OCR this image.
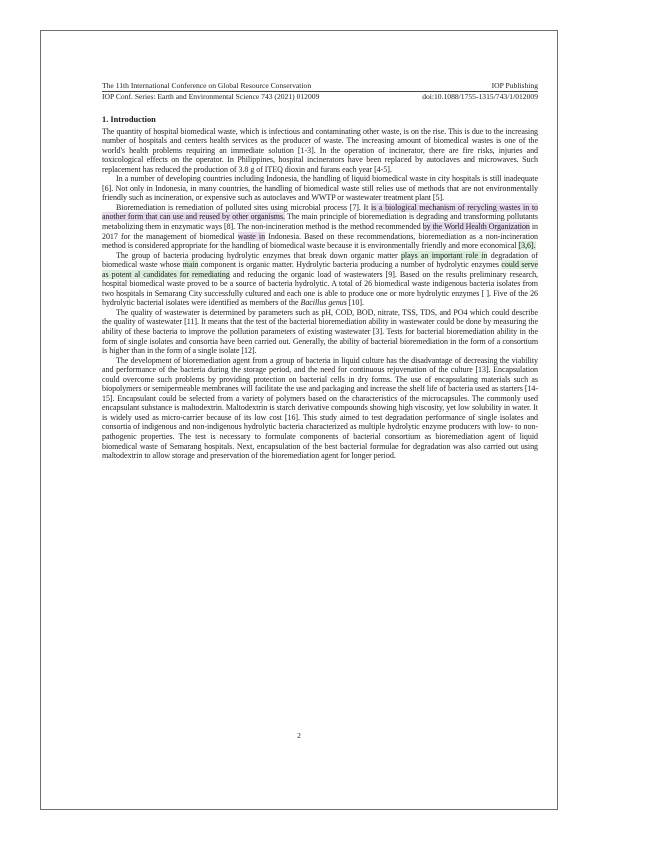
The 11th International Conference on Global Resource Conservation	IOP Publishing
IOP Conf. Series: Earth and Environmental Science 743 (2021) 012009	doi:10.1088/1755-1315/743/1/012009
1. Introduction

The quantity of hospital biomedical waste, which is infectious and contaminating other waste, is on the rise. This is due to the increasing number of hospitals and centers health services as the producer of waste. The increasing amount of biomedical wastes is one of the world's health problems requiring an immediate solution [1-3]. In the operation of incinerator, there are fire risks, injuries and toxicological effects on the operator. In Philippines, hospital incinerators have been replaced by autoclaves and microwaves. Such replacement has reduced the production of 3.8 g of ITEQ dioxin and furans each year [4-5].

In a number of developing countries including Indonesia, the handling of liquid biomedical waste in city hospitals is still inadequate [6]. Not only in Indonesia, in many countries, the handling of biomedical waste still relies use of methods that are not environmentally friendly such as incineration, or expensive such as autoclaves and WWTP or wastewater treatment plant [5].

Bioremediation is remediation of polluted sites using microbial process [7]. It is a biological mechanism of recycling wastes in to another form that can use and reused by other organisms. The main principle of bioremediation is degrading and transforming pollutants metabolizing them in enzymatic ways [8]. The non-incineration method is the method recommended by the World Health Organization in 2017 for the management of biomedical waste in Indonesia. Based on these recommendations, bioremediation as a non-incineration method is considered appropriate for the handling of biomedical waste because it is environmentally friendly and more economical [3,6].

The group of bacteria producing hydrolytic enzymes that break down organic matter plays an important role in degradation of biomedical waste whose main component is organic matter. Hydrolytic bacteria producing a number of hydrolytic enzymes could serve as potent al candidates for remediating and reducing the organic load of wastewaters [9]. Based on the results preliminary research, hospital biomedical waste proved to be a source of bacteria hydrolytic. A total of 26 biomedical waste indigenous bacteria isolates from two hospitals in Semarang City successfully cultured and each one is able to produce one or more hydrolytic enzymes [ ]. Five of the 26 hydrolytic bacterial isolates were identified as members of the Bacillus genus [10].

The quality of wastewater is determined by parameters such as pH, COD, BOD, nitrate, TSS, TDS, and PO4 which could describe the quality of wastewater [11]. It means that the test of the bacterial bioremediation ability in wastewater could be done by measuring the ability of these bacteria to improve the pollution parameters of existing wastewater [3]. Tests for bacterial bioremediation ability in the form of single isolates and consortia have been carried out. Generally, the ability of bacterial bioremediation in the form of a consortium is higher than in the form of a single isolate [12].

The development of bioremediation agent from a group of bacteria in liquid culture has the disadvantage of decreasing the viability and performance of the bacteria during the storage period, and the need for continuous rejuvenation of the culture [13]. Encapsulation could overcome such problems by providing protection on bacterial cells in dry forms. The use of encapsulating materials such as biopolymers or semipermeable membranes will facilitate the use and packaging and increase the shelf life of bacteria used as starters [14-15]. Encapsulant could be selected from a variety of polymers based on the characteristics of the microcapsules. The commonly used encapsulant substance is maltodextrin. Maltodextrin is starch derivative compounds showing high viscosity, yet low solubility in water. It is widely used as micro-carrier because of its low cost [16]. This study aimed to test degradation performance of single isolates and consortia of indigenous and non-indigenous hydrolytic bacteria characterized as multiple hydrolytic enzyme producers with low- to non-pathogenic properties. The test is necessary to formulate components of bacterial consortium as bioremediation agent of liquid biomedical waste of Semarang hospitals. Next, encapsulation of the best bacterial formulae for degradation was also carried out using maltodextrin to allow storage and preservation of the bioremediation agent for longer period.

2
